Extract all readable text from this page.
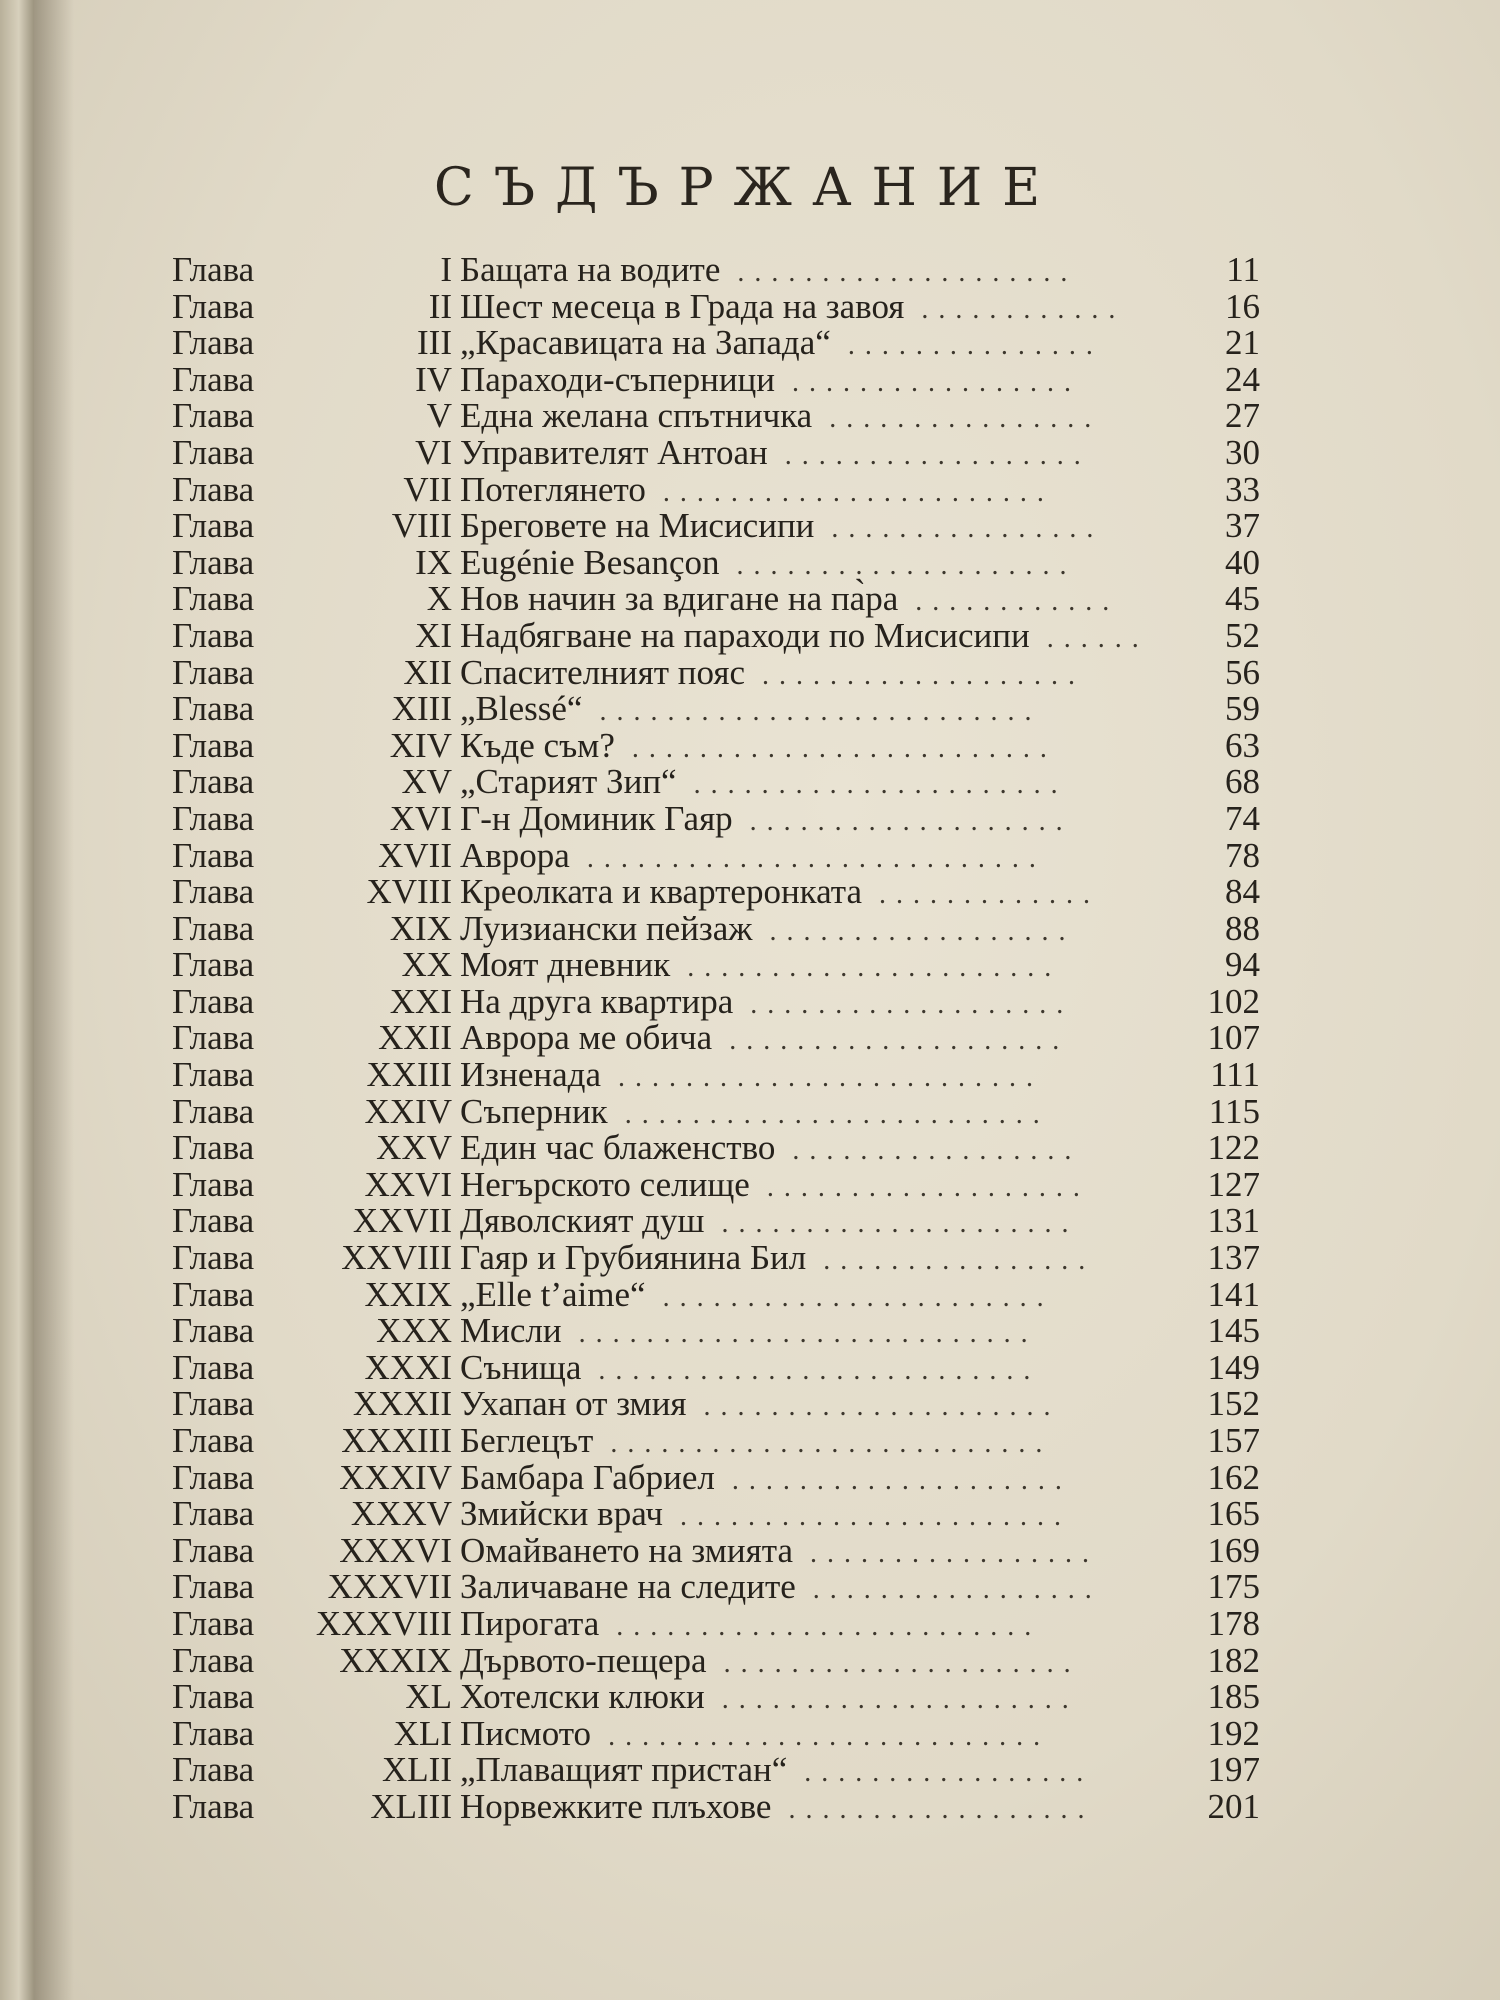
СЪДЪРЖАНИЕ
Глава	I Бащата на водите ....................	11
Глава	II Шест месеца в Града на завоя ............	16
Глава	III „Красавицата на Запада“ ...............	21
Глава	IV Параходи-съперници .................	24
Глава	V Една желана спътничка ................	27
Глава	VI Управителят Антоан ..................	30
Глава	VII Потеглянето .......................	33
Глава	VIII Бреговете на Мисисипи ................	37
Глава	IX Eugénie Besançon ....................	40
Глава	X Нов начин за вдигане на па̀ра ............	45
Глава	XI Надбягване на параходи по Мисисипи ...... 52
Глава	XII Спасителният пояс ...................	56
Глава	XIII „Blessé“ ..........................	59
Глава	XIV Къде съм? .........................	63
Глава	XV „Старият Зип“ ......................	68
Глава	XVI Г-н Доминик Гаяр ...................	74
Глава	XVII Аврора ...........................	78
Глава	XVIII Креолката и квартеронката .............	84
Глава	XIX Луизиански пейзаж ..................	88
Глава	XX Моят дневник ......................	94
Глава	XXI На друга квартира ...................	102
Глава	XXII Аврора ме обича ....................	107
Глава	XXIII Изненада .........................	111
Глава	XXIV Съперник .........................	115
Глава	XXV Един час блаженство .................	122
Глава	XXVI Негърското селище ...................	127
Глава	XXVII Дяволският душ .....................	131
Глава XXVIII Гаяр и Грубиянина Бил ................	137
Глава	XXIX „Elle t’aime“ .......................	141
Глава	XXX Мисли ...........................	145
Глава	XXXI Сънища ..........................	149
Глава	XXXII Ухапан от змия .....................	152
Глава XXXIII Беглецът ..........................	157
Глава XXXIV Бамбара Габриел ....................	162
Глава	XXXV Змийски врач .......................	165
Глава XXXVI Омайването на змията .................	169
Глава XXXVII Заличаване на следите .................	175
Глава XXXVIII Пирогата .........................	178
Глава XXXIX Дървото-пещера .....................	182
Глава	XL Хотелски клюки .....................	185
Глава	XLI Писмото ..........................	192
Глава	XLII „Плаващият пристан“ .................	197
Глава	XLIII Норвежките плъхове ..................	201
